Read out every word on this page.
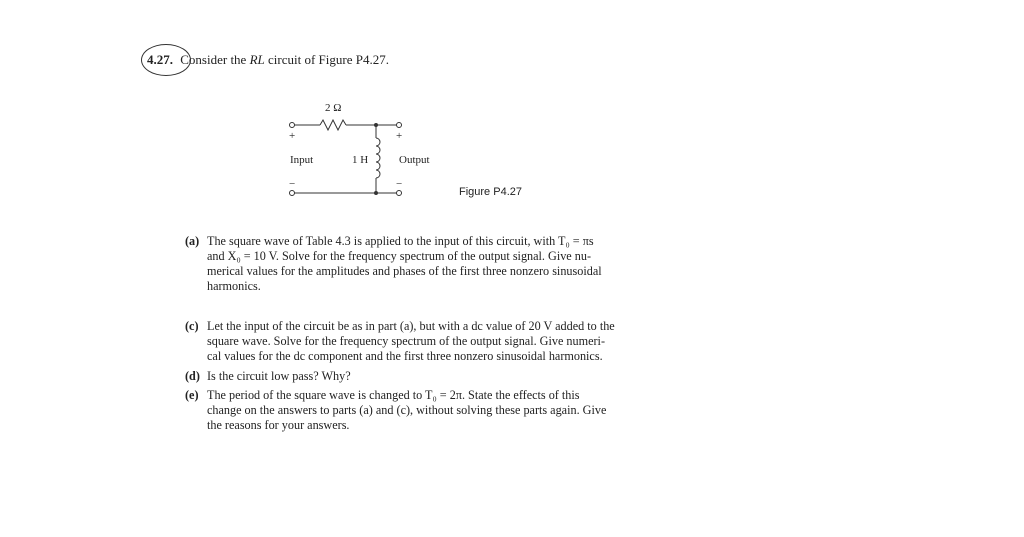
4.27. Consider the RL circuit of Figure P4.27.
2 Ω
+	+
Input	1 H	Output
−	−
Figure P4.27
(a) The square wave of Table 4.3 is applied to the input of this circuit, with T₀ = πs
and X₀ = 10 V. Solve for the frequency spectrum of the output signal. Give nu-
merical values for the amplitudes and phases of the first three nonzero sinusoidal
harmonics.
(c) Let the input of the circuit be as in part (a), but with a dc value of 20 V added to the
square wave. Solve for the frequency spectrum of the output signal. Give numeri-
cal values for the dc component and the first three nonzero sinusoidal harmonics.
(d) Is the circuit low pass? Why?
(e) The period of the square wave is changed to T₀ = 2π. State the effects of this
change on the answers to parts (a) and (c), without solving these parts again. Give
the reasons for your answers.
